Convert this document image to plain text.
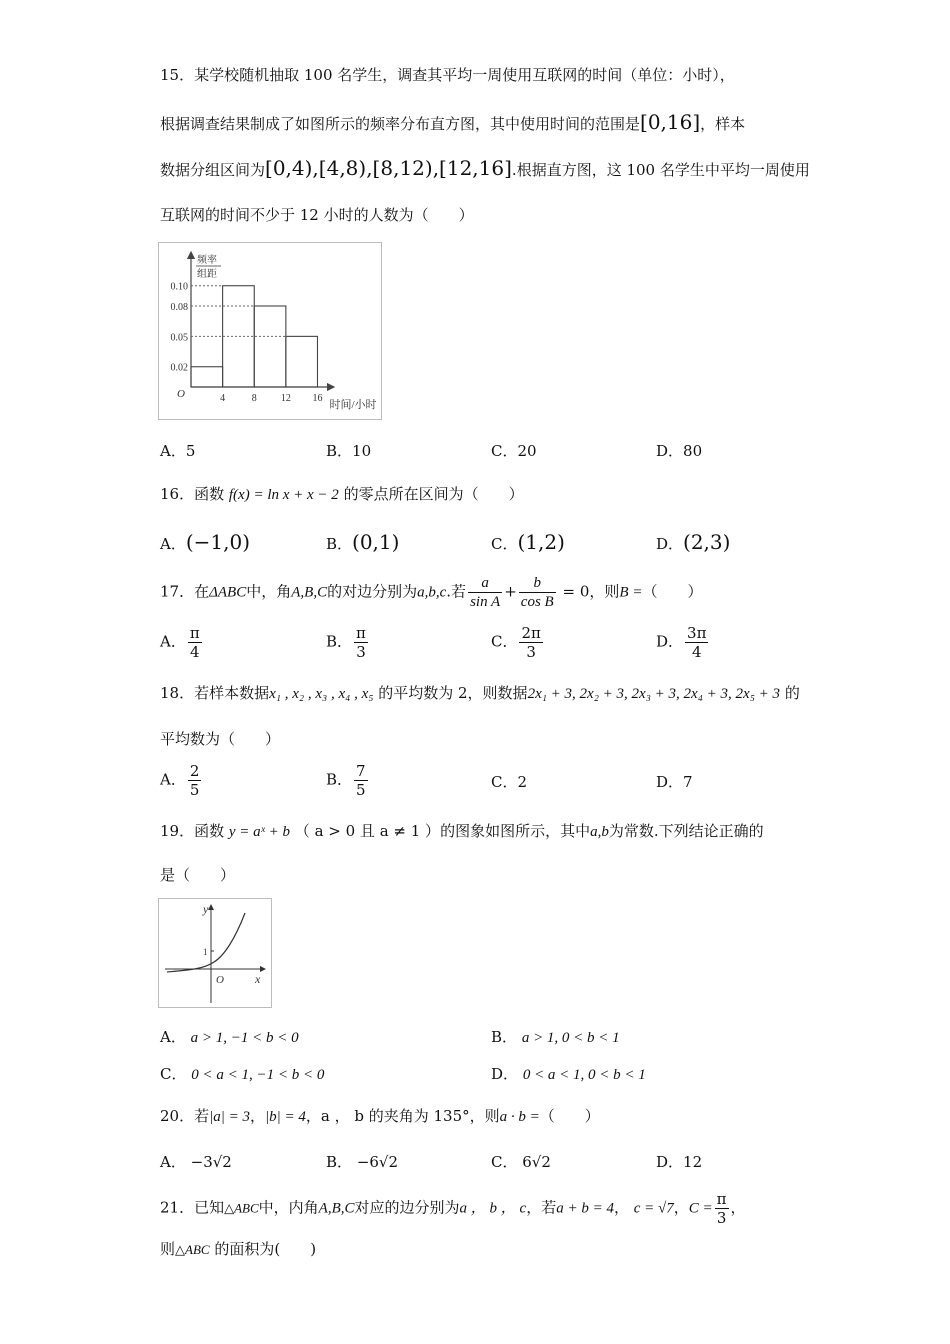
15．某学校随机抽取 100 名学生，调查其平均一周使用互联网的时间（单位：小时），
根据调查结果制成了如图所示的频率分布直方图，其中使用时间的范围是[0,16]，样本
数据分组区间为[0,4),[4,8),[8,12),[12,16].根据直方图，这 100 名学生中平均一周使用
互联网的时间不少于 12 小时的人数为（　　）
频率
组距
0.10
0.08
0.05
0.02
4	8 12 16
O
时间/小时
A．5	B．10	C．20	D．80
16．函数 f(x) = ln x + x − 2 的零点所在区间为（　　）
A．(−1,0)	B．(0,1)	C．(1,2)	D．(2,3)
17．在ΔABC中，角A,B,C的对边分别为a,b,c.若 $\frac{a}{\text{sin A}} + \frac{b}{\text{cos B}} = 0$，则B =（　　）
A． $\frac{\pi}{4}$	B． $\frac{\pi}{3}$	C． $\frac{2\pi}{3}$	D． $\frac{3\pi}{4}$
18．若样本数据x₁ , x₂ , x₃ , x₄ , x₅ 的平均数为 2，则数据2x₁ + 3, 2x₂ + 3, 2x₃ + 3, 2x₄ + 3, 2x₅ + 3 的
平均数为（　　）
A． $\frac{2}{5}$	B． $\frac{7}{5}$	C．2	D．7
19．函数 y = aˣ + b （ a > 0 且 a ≠ 1 ）的图象如图所示，其中a,b为常数.下列结论正确的
是（　　）
y
x
O
1
A． a > 1, −1 < b < 0	B． a > 1, 0 < b < 1
C． 0 < a < 1, −1 < b < 0	D． 0 < a < 1, 0 < b < 1
20．若|a| = 3，|b| = 4，a ， b 的夹角为 135°，则a · b =（　　）
A． −3√2	B． −6√2	C． 6√2	D．12
21．已知△ABC中，内角A,B,C对应的边分别为a ， b ， c，若a + b = 4， c = √7，$C = \frac{\pi}{3}$ ，
则△ABC 的面积为(　　)
